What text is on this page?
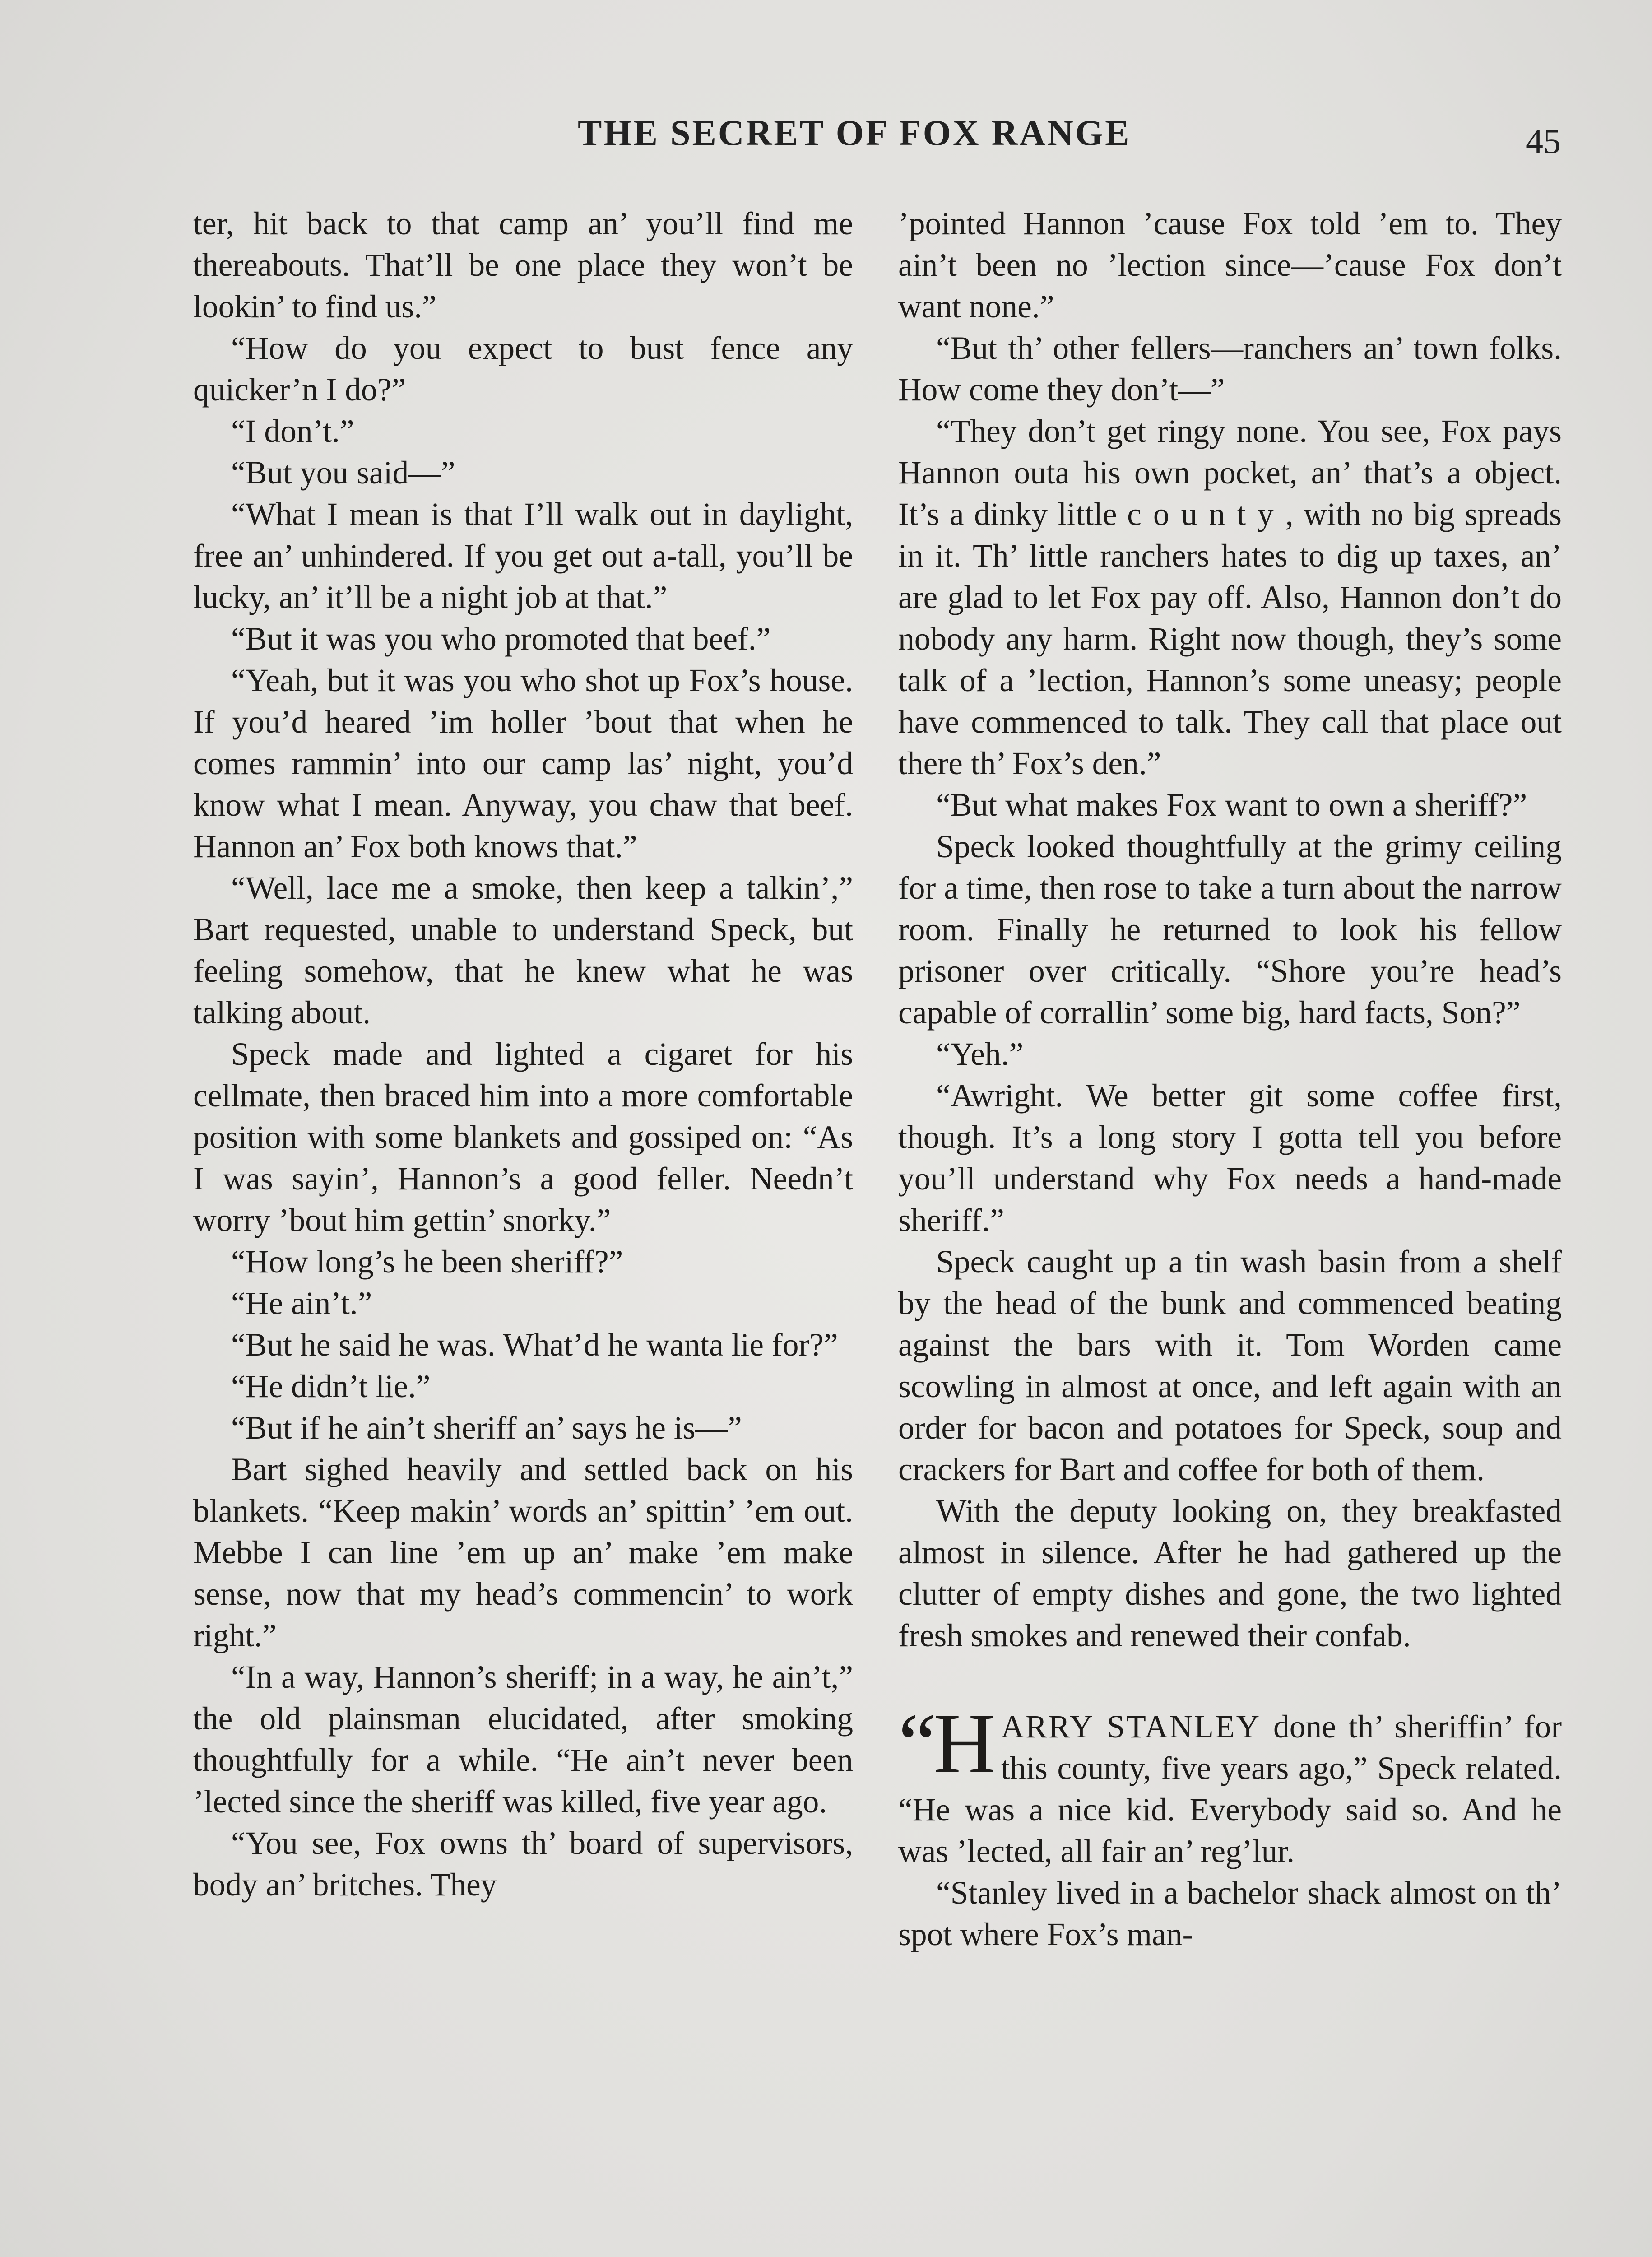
THE SECRET OF FOX RANGE	45

ter, hit back to that camp an’ you’ll find me thereabouts. That’ll be one place they won’t be lookin’ to find us.”

“How do you expect to bust fence any quicker’n I do?”

“I don’t.”

“But you said—”

“What I mean is that I’ll walk out in daylight, free an’ unhindered. If you get out a-tall, you’ll be lucky, an’ it’ll be a night job at that.”

“But it was you who promoted that beef.”

“Yeah, but it was you who shot up Fox’s house. If you’d heared ’im holler ’bout that when he comes rammin’ into our camp las’ night, you’d know what I mean. Anyway, you chaw that beef. Hannon an’ Fox both knows that.”

“Well, lace me a smoke, then keep a talkin’,” Bart requested, unable to understand Speck, but feeling somehow, that he knew what he was talking about.

Speck made and lighted a cigaret for his cellmate, then braced him into a more comfortable position with some blankets and gossiped on: “As I was sayin’, Hannon’s a good feller. Needn’t worry ’bout him gettin’ snorky.”

“How long’s he been sheriff?”

“He ain’t.”

“But he said he was. What’d he wanta lie for?”

“He didn’t lie.”

“But if he ain’t sheriff an’ says he is—”

Bart sighed heavily and settled back on his blankets. “Keep makin’ words an’ spittin’ ’em out. Mebbe I can line ’em up an’ make ’em make sense, now that my head’s commencin’ to work right.”

“In a way, Hannon’s sheriff; in a way, he ain’t,” the old plainsman elucidated, after smoking thoughtfully for a while. “He ain’t never been ’lected since the sheriff was killed, five year ago.

“You see, Fox owns th’ board of supervisors, body an’ britches. They

’pointed Hannon ’cause Fox told ’em to. They ain’t been no ’lection since—’cause Fox don’t want none.”

“But th’ other fellers—ranchers an’ town folks. How come they don’t—”

“They don’t get ringy none. You see, Fox pays Hannon outa his own pocket, an’ that’s a object. It’s a dinky little county, with no big spreads in it. Th’ little ranchers hates to dig up taxes, an’ are glad to let Fox pay off. Also, Hannon don’t do nobody any harm. Right now though, they’s some talk of a ’lection, Hannon’s some uneasy; people have commenced to talk. They call that place out there th’ Fox’s den.”

“But what makes Fox want to own a sheriff?”

Speck looked thoughtfully at the grimy ceiling for a time, then rose to take a turn about the narrow room. Finally he returned to look his fellow prisoner over critically. “Shore you’re head’s capable of corrallin’ some big, hard facts, Son?”

“Yeh.”

“Awright. We better git some coffee first, though. It’s a long story I gotta tell you before you’ll understand why Fox needs a hand-made sheriff.”

Speck caught up a tin wash basin from a shelf by the head of the bunk and commenced beating against the bars with it. Tom Worden came scowling in almost at once, and left again with an order for bacon and potatoes for Speck, soup and crackers for Bart and coffee for both of them.

With the deputy looking on, they breakfasted almost in silence. After he had gathered up the clutter of empty dishes and gone, the two lighted fresh smokes and renewed their confab.

“HARRY STANLEY done th’ sheriffin’ for this county, five years ago,” Speck related. “He was a nice kid. Everybody said so. And he was ’lected, all fair an’ reg’lur.

“Stanley lived in a bachelor shack almost on th’ spot where Fox’s man-
